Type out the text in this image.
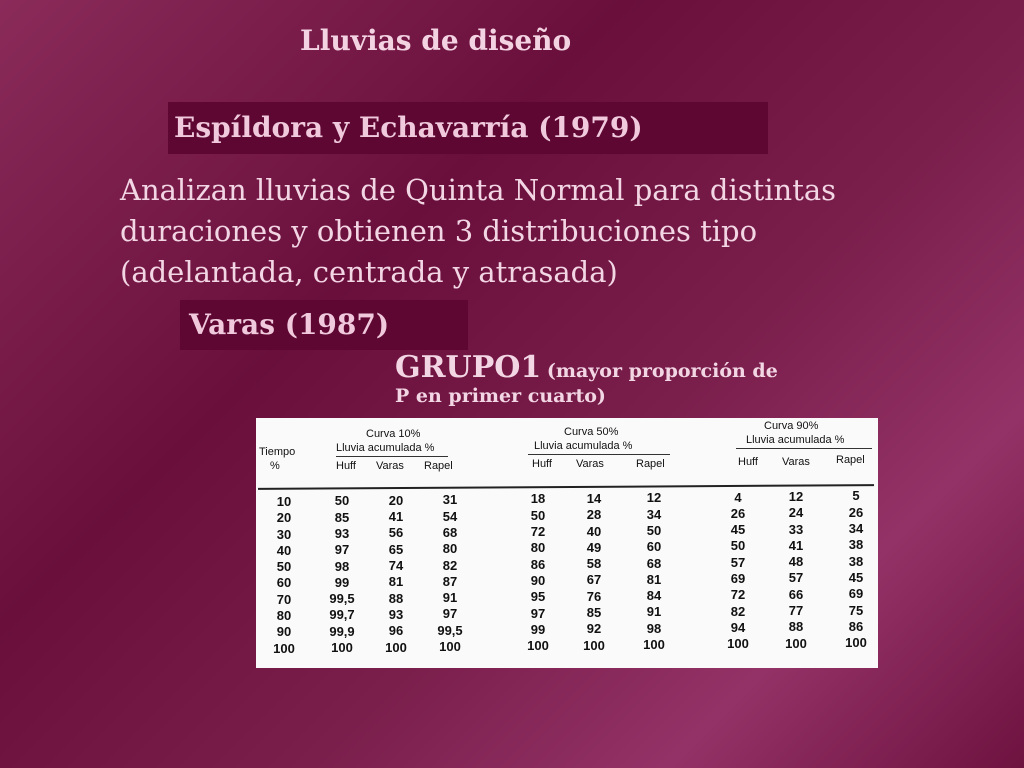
Lluvias de diseño
Espíldora y Echavarría (1979)
Analizan lluvias de Quinta Normal para distintas
duraciones y obtienen 3 distribuciones tipo
(adelantada, centrada y atrasada)
Varas (1987)
GRUPO1 (mayor proporción de
P en primer cuarto)
Tiempo
%
Curva 10%
Lluvia acumulada %
Huff Varas Rapel
Curva 50%
Lluvia acumulada %
Huff Varas	Rapel
Curva 90%
Lluvia acumulada %
Huff Varas Rapel
10	50	20	31	18	14	12	4	12	5
20	85	41	54	50	28	34	26	24	26
30	93	56	68	72	40	50	45	33	34
40	97	65	80	80	49	60	50	41	38
50	98	74	82	86	58	68	57	48	38
60	99	81	87	90	67	81	69	57	45
70	99,5	88	91	95	76	84	72	66	69
80	99,7	93	97	97	85	91	82	77	75
90	99,9	96	99,5	99	92	98	94	88	86
100	100	100	100	100	100	100	100	100	100
